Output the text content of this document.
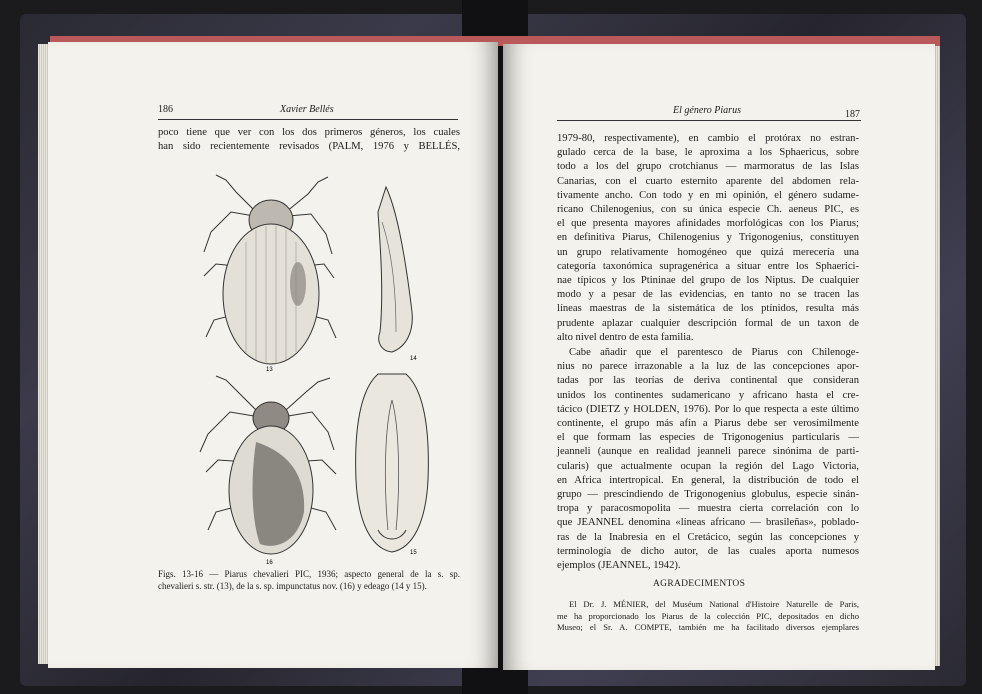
186	Xavier Bellés
poco tiene que ver con los dos primeros géneros, los cuales
han sido recientemente revisados (PALM, 1976 y BELLÉS,
13
14
16
15
Figs. 13-16 — Piarus chevalieri PIC, 1936; aspecto general de la s. sp.
chevalieri s. str. (13), de la s. sp. impunctatus nov. (16) y edeago (14 y 15).
El género Piarus	187
1979-80, respectivamente), en cambio el protórax no estran-
gulado cerca de la base, le aproxima a los Sphaericus, sobre
todo a los del grupo crotchianus — marmoratus de las Islas
Canarias, con el cuarto esternito aparente del abdomen rela-
tivamente ancho. Con todo y en mi opinión, el género sudame-
ricano Chilenogenius, con su única especie Ch. aeneus PIC, es
el que presenta mayores afinidades morfológicas con los Piarus;
en definitiva Piarus, Chilenogenius y Trigonogenius, constituyen
un grupo relativamente homogéneo que quizá merecería una
categoría taxonómica supragenérica a situar entre los Sphaerici-
nae típicos y los Ptininae del grupo de los Niptus. De cualquier
modo y a pesar de las evidencias, en tanto no se tracen las
líneas maestras de la sistemática de los ptínidos, resulta más
prudente aplazar cualquier descripción formal de un taxon de
alto nivel dentro de esta familia.
Cabe añadir que el parentesco de Piarus con Chilenoge-
nius no parece irrazonable a la luz de las concepciones apor-
tadas por las teorías de deriva continental que consideran
unidos los continentes sudamericano y africano hasta el cre-
tácico (DIETZ y HOLDEN, 1976). Por lo que respecta a este último
continente, el grupo más afín a Piarus debe ser verosímilmente
el que formam las especies de Trigonogenius particularis —
jeanneli (aunque en realidad jeanneli parece sinónima de parti-
cularis) que actualmente ocupan la región del Lago Victoria,
en Africa intertropical. En general, la distribución de todo el
grupo — prescindiendo de Trigonogenius globulus, especie sinán-
tropa y paracosmopolita — muestra cierta correlación con lo
que JEANNEL denomina «líneas africano — brasileñas», poblado-
ras de la Inabresia en el Cretácico, según las concepciones y
terminología de dicho autor, de las cuales aporta numesos
ejemplos (JEANNEL, 1942).
AGRADECIMENTOS
El Dr. J. MÉNIER, del Muséum National d'Histoire Naturelle de Paris,
me ha proporcionado los Piarus de la colección PIC, depositados en dicho
Museo; el Sr. A. COMPTE, también me ha facilitado diversos ejemplares
